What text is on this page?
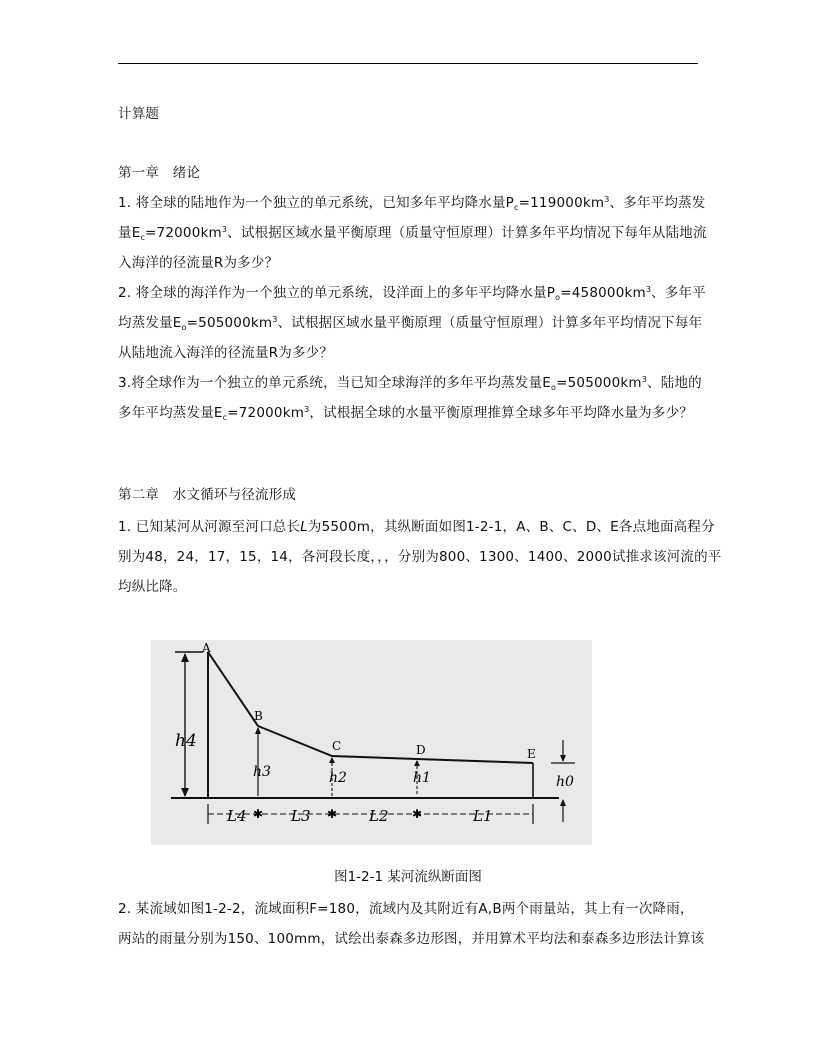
计算题
第一章　绪论
1. 将全球的陆地作为一个独立的单元系统，已知多年平均降水量$P_c=119000km^3$、多年平均蒸发
量$E_c=72000km^3$、试根据区域水量平衡原理（质量守恒原理）计算多年平均情况下每年从陆地流
入海洋的径流量R为多少？
2. 将全球的海洋作为一个独立的单元系统，设洋面上的多年平均降水量$P_o=458000km^3$、多年平
均蒸发量$E_o=505000km^3$、试根据区域水量平衡原理（质量守恒原理）计算多年平均情况下每年
从陆地流入海洋的径流量R为多少？
3.将全球作为一个独立的单元系统，当已知全球海洋的多年平均蒸发量$E_o=505000km^3$、陆地的
多年平均蒸发量$E_c=72000km^3$，试根据全球的水量平衡原理推算全球多年平均降水量为多少？
第二章　水文循环与径流形成
1. 已知某河从河源至河口总长L为5500m，其纵断面如图1-2-1，A、B、C、D、E各点地面高程分
别为48，24，17，15，14，各河段长度，，，分别为800、1300、1400、2000试推求该河流的平
均纵比降。
✱	✱	✱
A
B
C	D	E
h4
h3	h2	h1	h0
L4	L3	L2	L1
图1-2-1 某河流纵断面图
2. 某流域如图1-2-2，流域面积F=180，流域内及其附近有A,B两个雨量站，其上有一次降雨，
两站的雨量分别为150、100mm，试绘出泰森多边形图，并用算术平均法和泰森多边形法计算该
